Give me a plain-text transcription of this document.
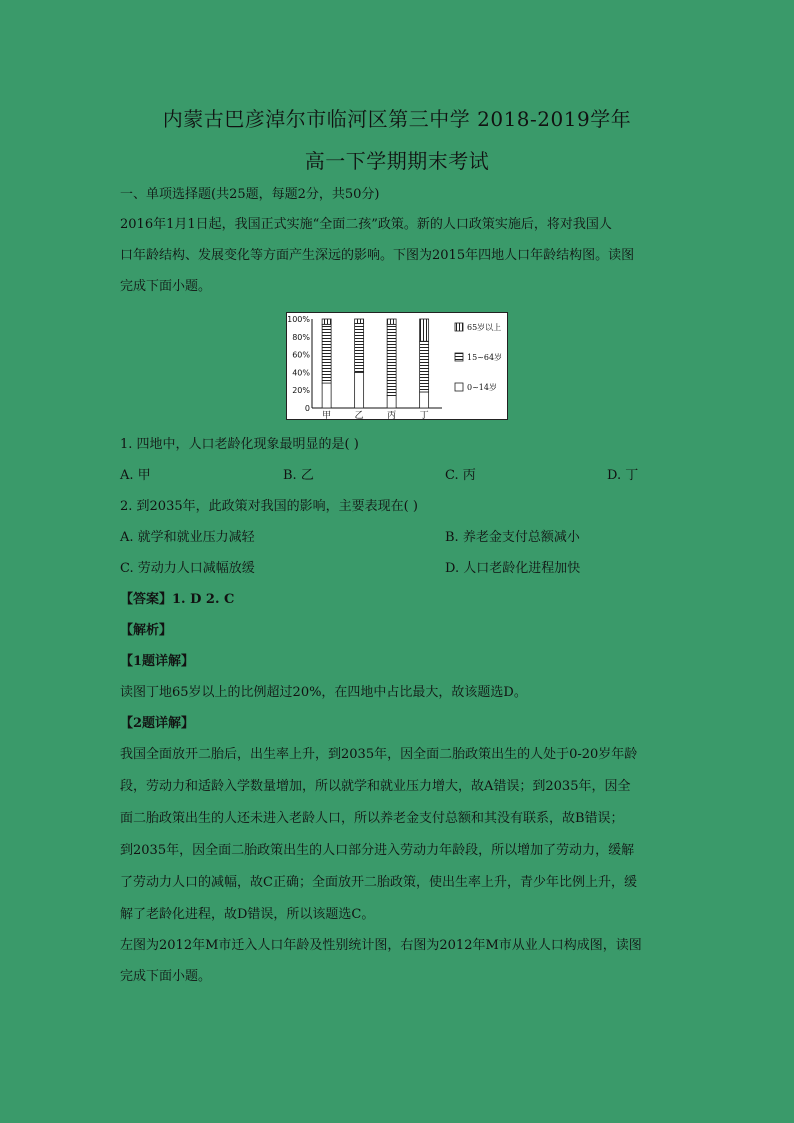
内蒙古巴彦淖尔市临河区第三中学 2018-2019学年
高一下学期期末考试
一、单项选择题(共25题，每题2分，共50分)
2016年1月1日起，我国正式实施“全面二孩”政策。新的人口政策实施后，将对我国人
口年龄结构、发展变化等方面产生深远的影响。下图为2015年四地人口年龄结构图。读图
完成下面小题。
0
20%
40%
60%
80%
100%
甲	乙	丙	丁
65岁以上
15~64岁
0~14岁
1. 四地中，人口老龄化现象最明显的是( )
A. 甲	B. 乙	C. 丙	D. 丁
2. 到2035年，此政策对我国的影响，主要表现在( )
A. 就学和就业压力减轻	B. 养老金支付总额减小
C. 劳动力人口减幅放缓	D. 人口老龄化进程加快
【答案】1. D 2. C
【解析】
【1题详解】
读图丁地65岁以上的比例超过20%，在四地中占比最大，故该题选D。
【2题详解】
我国全面放开二胎后，出生率上升，到2035年，因全面二胎政策出生的人处于0-20岁年龄
段，劳动力和适龄入学数量增加，所以就学和就业压力增大，故A错误；到2035年，因全
面二胎政策出生的人还未进入老龄人口，所以养老金支付总额和其没有联系，故B错误；
到2035年，因全面二胎政策出生的人口部分进入劳动力年龄段，所以增加了劳动力，缓解
了劳动力人口的减幅，故C正确；全面放开二胎政策，使出生率上升，青少年比例上升，缓
解了老龄化进程，故D错误，所以该题选C。
左图为2012年M市迁入人口年龄及性别统计图，右图为2012年M市从业人口构成图，读图
完成下面小题。
